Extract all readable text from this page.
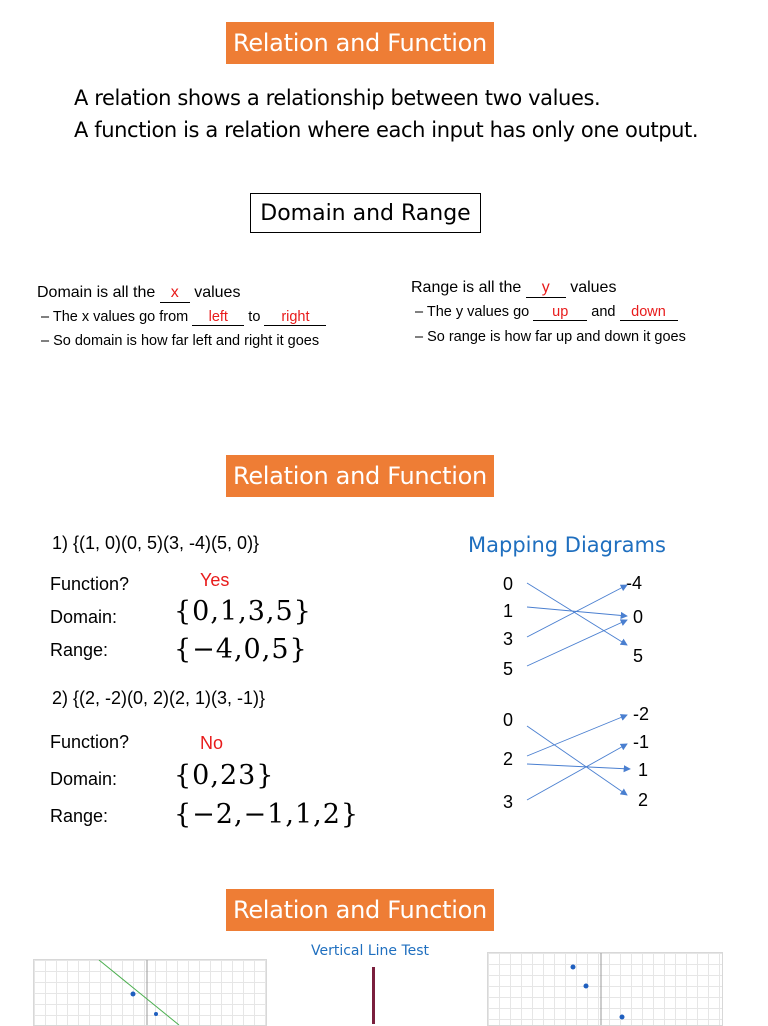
Relation and Function
A relation shows a relationship between two values.
A function is a relation where each input has only one output.
Domain and Range
Domain is all the x values
– The x values go from left to right
– So domain is how far left and right it goes
Range is all the y values
– The y values go up and down
– So range is how far up and down it goes
Relation and Function
1) {(1, 0)(0, 5)(3, -4)(5, 0)}
Function?	Yes
Domain: {0,1,3,5}
Range: {−4,0,5}
2) {(2, -2)(0, 2)(2, 1)(3, -1)}
Function?	No
Domain: {0,23}
Range: {−2,−1,1,2}
Mapping Diagrams
0
1
3
5
-4
0
5
0
2
3
-2
-1
1
2
Relation and Function
Vertical Line Test
